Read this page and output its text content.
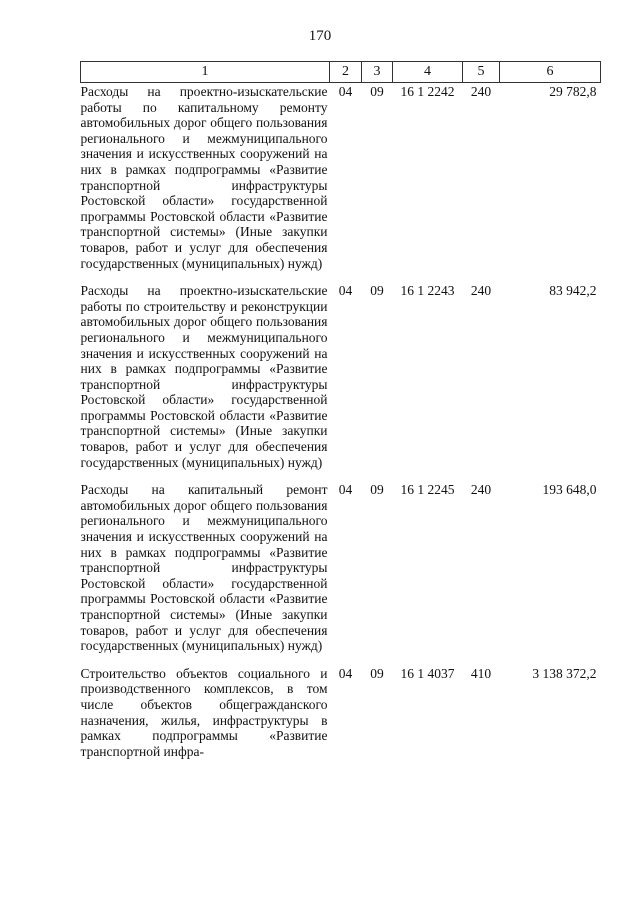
170
1	2	3	4	5	6
Расходы на проектно-изыскательские работы по капитальному ремонту автомобильных дорог общего пользования регионального и межмуниципального значения и искусственных сооружений на них в рамках подпрограммы «Развитие транспортной инфраструктуры Ростовской области» государственной программы Ростовской области «Развитие транспортной системы» (Иные закупки товаров, работ и услуг для обеспечения государственных (муниципальных) нужд)	04	09	16 1 2242	240	29 782,8
Расходы на проектно-изыскательские работы по строительству и реконструкции автомобильных дорог общего пользования регионального и межмуниципального значения и искусственных сооружений на них в рамках подпрограммы «Развитие транспортной инфраструктуры Ростовской области» государственной программы Ростовской области «Развитие транспортной системы» (Иные закупки товаров, работ и услуг для обеспечения государственных (муниципальных) нужд)	04	09	16 1 2243	240	83 942,2
Расходы на капитальный ремонт автомобильных дорог общего пользования регионального и межмуниципального значения и искусственных сооружений на них в рамках подпрограммы «Развитие транспортной инфраструктуры Ростовской области» государственной программы Ростовской области «Развитие транспортной системы» (Иные закупки товаров, работ и услуг для обеспечения государственных (муниципальных) нужд)	04	09	16 1 2245	240	193 648,0
Строительство объектов социального и производственного комплексов, в том числе объектов общегражданского назначения, жилья, инфраструктуры в рамках подпрограммы «Развитие транспортной инфра-	04	09	16 1 4037	410	3 138 372,2
